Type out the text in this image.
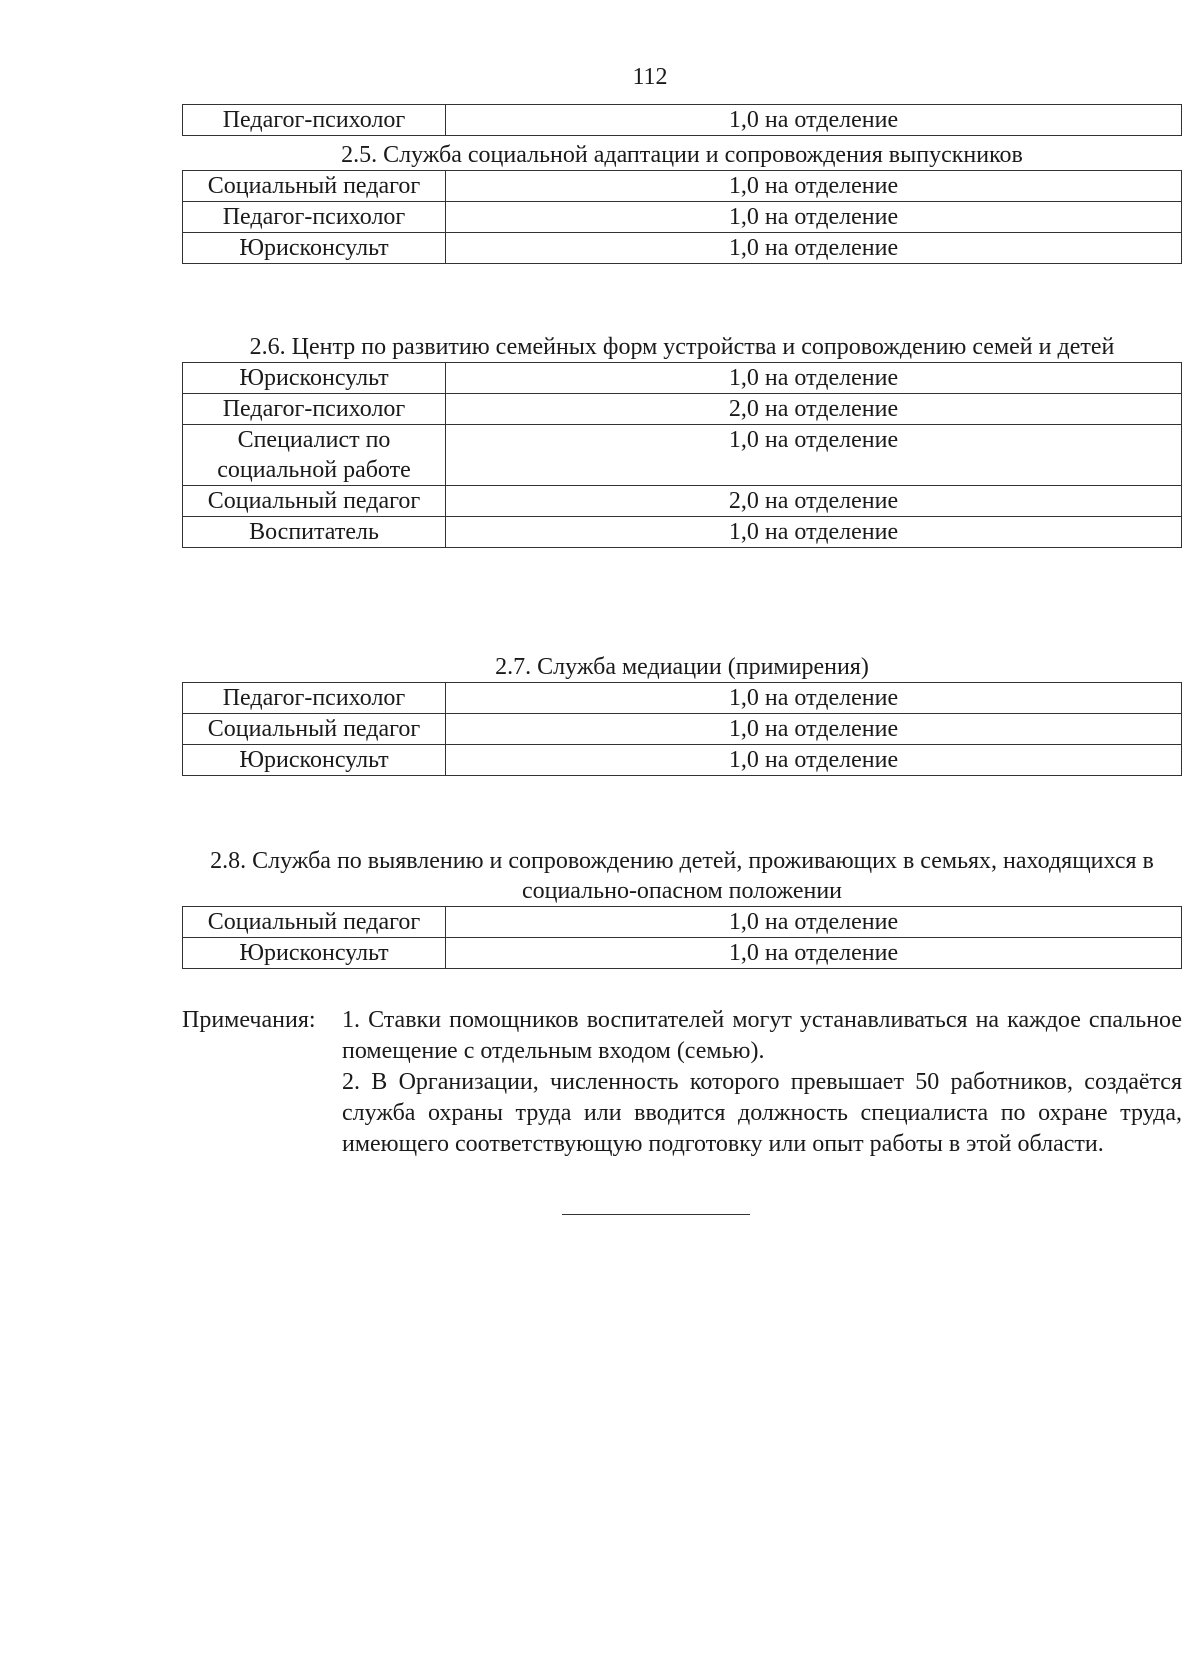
112
Педагог-психолог	1,0 на отделение
2.5. Служба социальной адаптации и сопровождения выпускников
Социальный педагог	1,0 на отделение
Педагог-психолог	1,0 на отделение
Юрисконсульт	1,0 на отделение
2.6. Центр по развитию семейных форм устройства и сопровождению семей и детей
Юрисконсульт	1,0 на отделение
Педагог-психолог	2,0 на отделение
Специалист по социальной работе	1,0 на отделение
Социальный педагог	2,0 на отделение
Воспитатель	1,0 на отделение
2.7. Служба медиации (примирения)
Педагог-психолог	1,0 на отделение
Социальный педагог	1,0 на отделение
Юрисконсульт	1,0 на отделение
2.8. Служба по выявлению и сопровождению детей, проживающих в семьях, находящихся в социально-опасном положении
Социальный педагог	1,0 на отделение
Юрисконсульт	1,0 на отделение
Примечания: 1. Ставки помощников воспитателей могут устанавливаться на каждое спальное помещение с отдельным входом (семью).

2. В Организации, численность которого превышает 50 работников, создаётся служба охраны труда или вводится должность специалиста по охране труда, имеющего соответствующую подготовку или опыт работы в этой области.
